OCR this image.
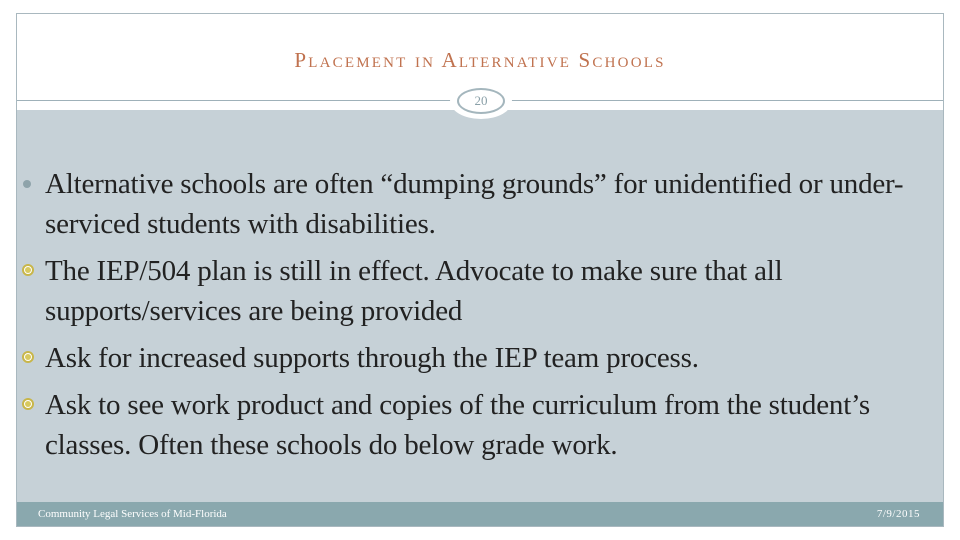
Placement in Alternative Schools
20
Community Legal Services of Mid-Florida	7/9/2015
Alternative schools are often “dumping grounds” for unidentified or under-serviced students with disabilities.
The IEP/504 plan is still in effect. Advocate to make sure that all supports/services are being provided
Ask for increased supports through the IEP team process.
Ask to see work product and copies of the curriculum from the student’s classes. Often these schools do below grade work.
